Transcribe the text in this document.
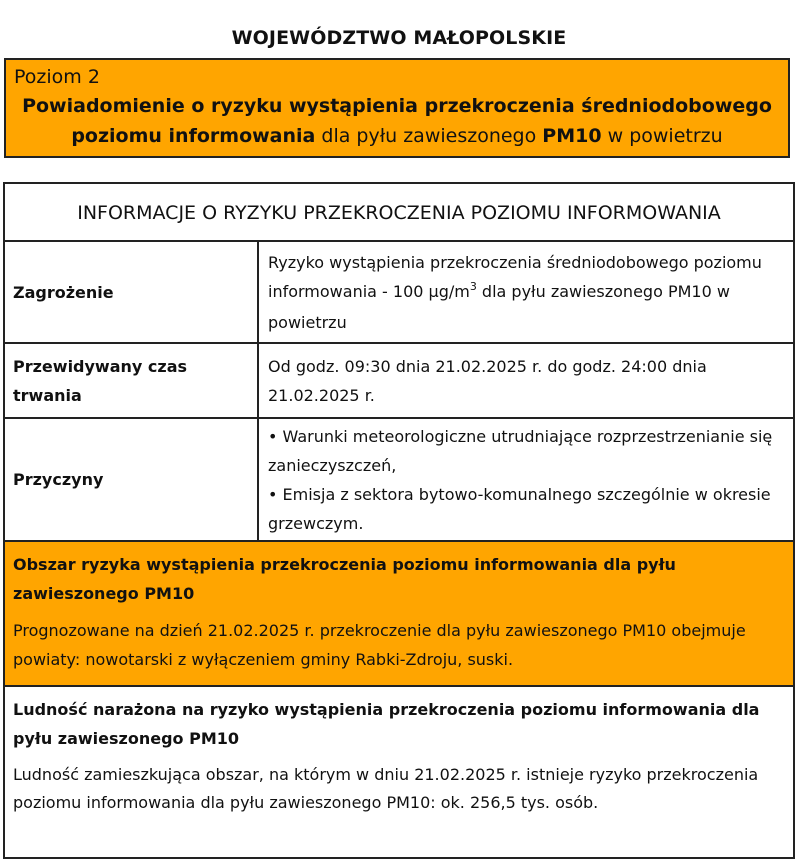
WOJEWÓDZTWO MAŁOPOLSKIE
Poziom 2
Powiadomienie o ryzyku wystąpienia przekroczenia średniodobowego
poziomu informowania dla pyłu zawieszonego PM10 w powietrzu
INFORMACJE O RYZYKU PRZEKROCZENIA POZIOMU INFORMOWANIA
Zagrożenie
Ryzyko wystąpienia przekroczenia średniodobowego poziomu informowania - 100 $\mu g/m^3$ dla pyłu zawieszonego PM10 w powietrzu
Przewidywany czas trwania
Od godz. 09:30 dnia 21.02.2025 r. do godz. 24:00 dnia 21.02.2025 r.
Przyczyny
• Warunki meteorologiczne utrudniające rozprzestrzenianie się zanieczyszczeń,
• Emisja z sektora bytowo-komunalnego szczególnie w okresie grzewczym.
Obszar ryzyka wystąpienia przekroczenia poziomu informowania dla pyłu zawieszonego PM10
Prognozowane na dzień 21.02.2025 r. przekroczenie dla pyłu zawieszonego PM10 obejmuje powiaty: nowotarski z wyłączeniem gminy Rabki-Zdroju, suski.
Ludność narażona na ryzyko wystąpienia przekroczenia poziomu informowania dla pyłu zawieszonego PM10
Ludność zamieszkująca obszar, na którym w dniu 21.02.2025 r. istnieje ryzyko przekroczenia poziomu informowania dla pyłu zawieszonego PM10: ok. 256,5 tys. osób.
